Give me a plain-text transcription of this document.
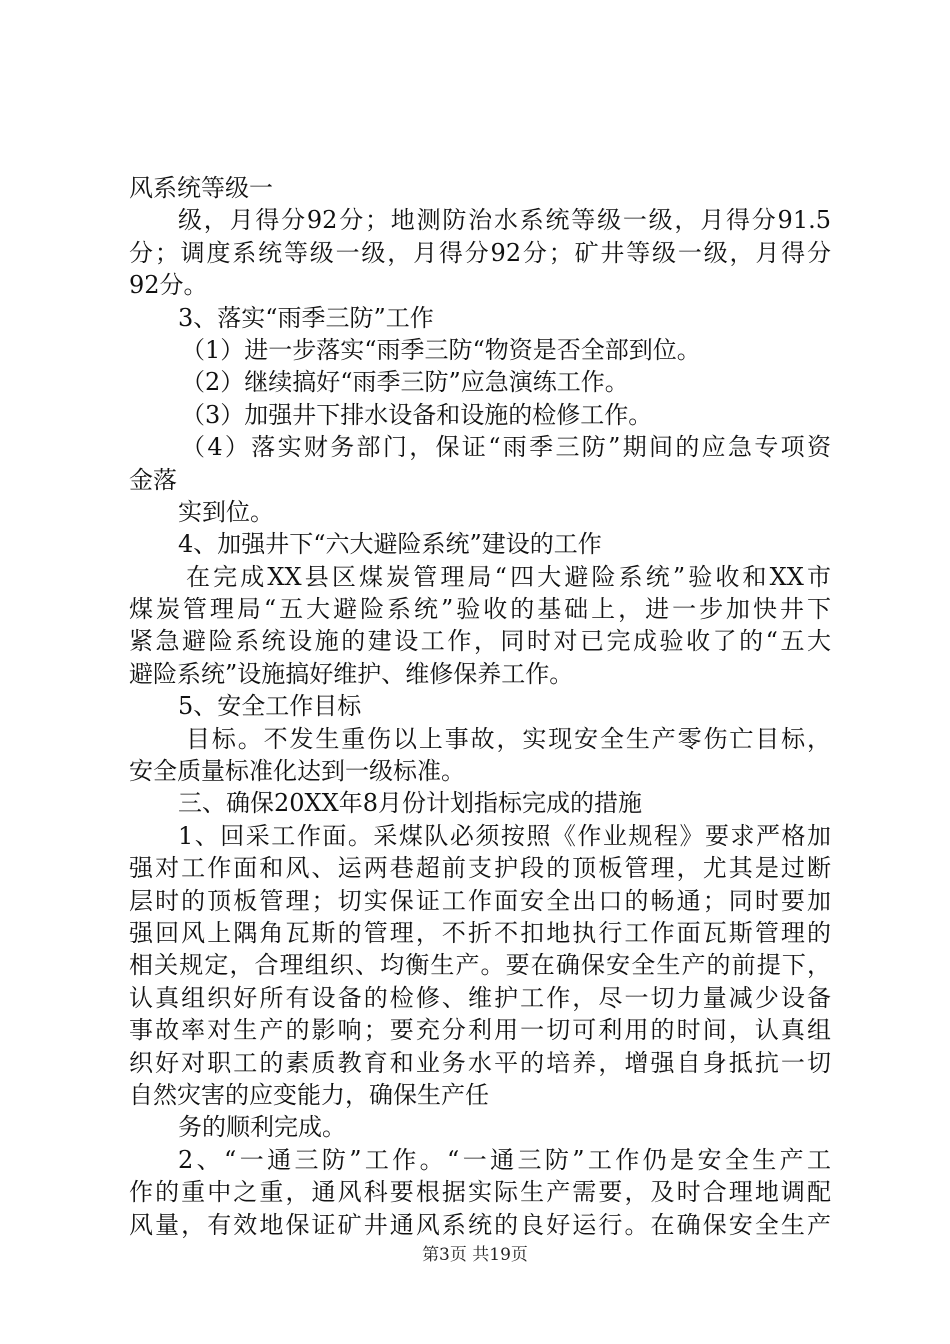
风系统等级一
级，月得分92分；地测防治水系统等级一级，月得分91.5
分；调度系统等级一级，月得分92分；矿井等级一级，月得分
92分。
3、落实“雨季三防”工作
（1）进一步落实“雨季三防“物资是否全部到位。
（2）继续搞好“雨季三防”应急演练工作。
（3）加强井下排水设备和设施的检修工作。
（4）落实财务部门，保证“雨季三防”期间的应急专项资
金落
实到位。
4、加强井下“六大避险系统”建设的工作
在完成XX县区煤炭管理局“四大避险系统”验收和XX市
煤炭管理局“五大避险系统”验收的基础上，进一步加快井下
紧急避险系统设施的建设工作，同时对已完成验收了的“五大
避险系统”设施搞好维护、维修保养工作。
5、安全工作目标
目标。不发生重伤以上事故，实现安全生产零伤亡目标，
安全质量标准化达到一级标准。
三、确保20XX年8月份计划指标完成的措施
1、回采工作面。采煤队必须按照《作业规程》要求严格加
强对工作面和风、运两巷超前支护段的顶板管理，尤其是过断
层时的顶板管理；切实保证工作面安全出口的畅通；同时要加
强回风上隅角瓦斯的管理，不折不扣地执行工作面瓦斯管理的
相关规定，合理组织、均衡生产。要在确保安全生产的前提下，
认真组织好所有设备的检修、维护工作，尽一切力量减少设备
事故率对生产的影响；要充分利用一切可利用的时间，认真组
织好对职工的素质教育和业务水平的培养，增强自身抵抗一切
自然灾害的应变能力，确保生产任
务的顺利完成。
2、“一通三防”工作。“一通三防”工作仍是安全生产工
作的重中之重，通风科要根据实际生产需要，及时合理地调配
风量，有效地保证矿井通风系统的良好运行。在确保安全生产
第3页 共19页
